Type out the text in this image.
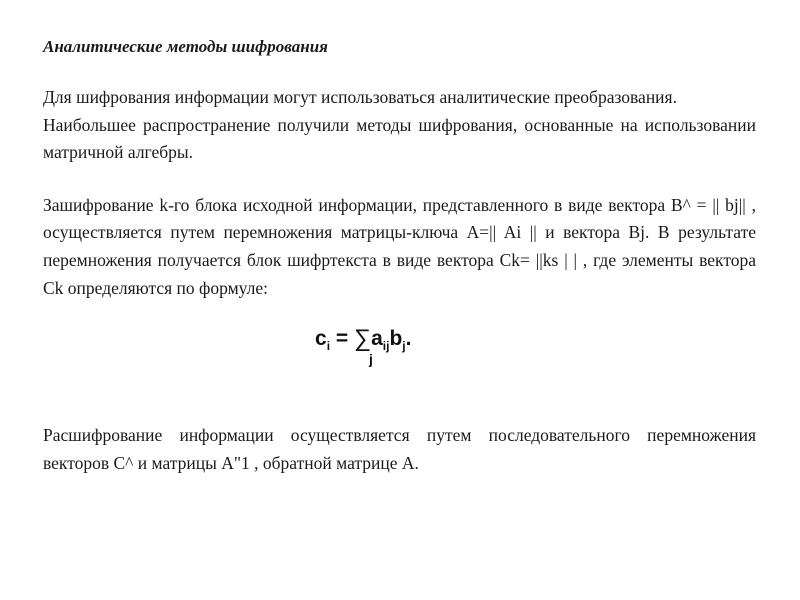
Аналитические методы шифрования

Для шифрования информации могут использоваться аналитические преобразования.

Наибольшее распространение получили методы шифрования, основанные на использовании матричной алгебры.

Зашифрование k-го блока исходной информации, представленного в виде вектора B^ = || bj|| , осуществляется путем перемножения матрицы-ключа A=|| Ai || и вектора Bj. В результате перемножения получается блок шифртекста в виде вектора Ck= ||ks | | , где элементы вектора Ck определяются по формуле:

$c_i = \sum a_{ij}b_j$.
j

Расшифрование информации осуществляется путем последовательного перемножения векторов C^ и матрицы A"1 , обратной матрице A.
